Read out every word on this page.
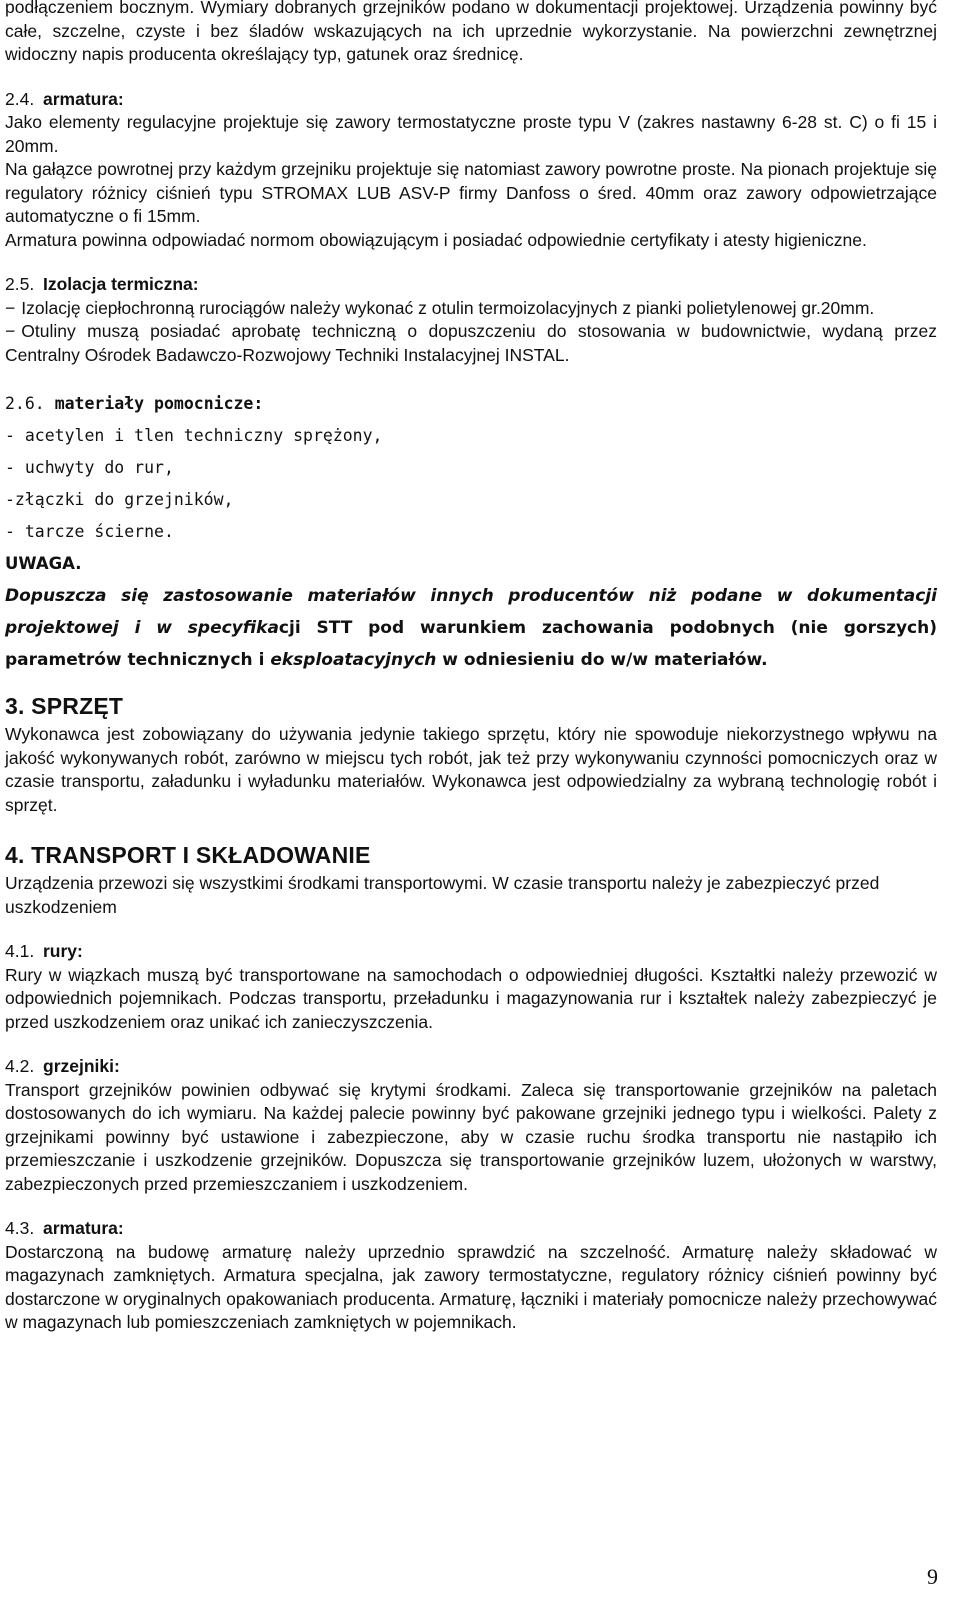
podłączeniem bocznym. Wymiary dobranych grzejników podano w dokumentacji projektowej. Urządzenia powinny być całe, szczelne, czyste i bez śladów wskazujących na ich uprzednie wykorzystanie. Na powierzchni zewnętrznej widoczny napis producenta określający typ, gatunek oraz średnicę.

2.4. armatura:

Jako elementy regulacyjne projektuje się zawory termostatyczne proste typu V (zakres nastawny 6-28 st. C) o fi 15 i 20mm.

Na gałązce powrotnej przy każdym grzejniku projektuje się natomiast zawory powrotne proste. Na pionach projektuje się regulatory różnicy ciśnień typu STROMAX LUB ASV-P firmy Danfoss o śred. 40mm oraz zawory odpowietrzające automatyczne o fi 15mm.

Armatura powinna odpowiadać normom obowiązującym i posiadać odpowiednie certyfikaty i atesty higieniczne.

2.5. Izolacja termiczna:

− Izolację ciepłochronną rurociągów należy wykonać z otulin termoizolacyjnych z pianki polietylenowej gr.20mm.

− Otuliny muszą posiadać aprobatę techniczną o dopuszczeniu do stosowania w budownictwie, wydaną przez Centralny Ośrodek Badawczo-Rozwojowy Techniki Instalacyjnej INSTAL.

2.6. materiały pomocnicze:

- acetylen i tlen techniczny sprężony,

- uchwyty do rur,

-złączki do grzejników,

- tarcze ścierne.

UWAGA.

Dopuszcza się zastosowanie materiałów innych producentów niż podane w dokumentacji projektowej i w specyfikacji STT pod warunkiem zachowania podobnych (nie gorszych) parametrów technicznych i eksploatacyjnych w odniesieniu do w/w materiałów.

3. SPRZĘT

Wykonawca jest zobowiązany do używania jedynie takiego sprzętu, który nie spowoduje niekorzystnego wpływu na jakość wykonywanych robót, zarówno w miejscu tych robót, jak też przy wykonywaniu czynności pomocniczych oraz w czasie transportu, załadunku i wyładunku materiałów. Wykonawca jest odpowiedzialny za wybraną technologię robót i sprzęt.

4. TRANSPORT I SKŁADOWANIE

Urządzenia przewozi się wszystkimi środkami transportowymi. W czasie transportu należy je zabezpieczyć przed uszkodzeniem

4.1. rury:

Rury w wiązkach muszą być transportowane na samochodach o odpowiedniej długości. Kształtki należy przewozić w odpowiednich pojemnikach. Podczas transportu, przeładunku i magazynowania rur i kształtek należy zabezpieczyć je przed uszkodzeniem oraz unikać ich zanieczyszczenia.

4.2. grzejniki:

Transport grzejników powinien odbywać się krytymi środkami. Zaleca się transportowanie grzejników na paletach dostosowanych do ich wymiaru. Na każdej palecie powinny być pakowane grzejniki jednego typu i wielkości. Palety z grzejnikami powinny być ustawione i zabezpieczone, aby w czasie ruchu środka transportu nie nastąpiło ich przemieszczanie i uszkodzenie grzejników. Dopuszcza się transportowanie grzejników luzem, ułożonych w warstwy, zabezpieczonych przed przemieszczaniem i uszkodzeniem.

4.3. armatura:

Dostarczoną na budowę armaturę należy uprzednio sprawdzić na szczelność. Armaturę należy składować w magazynach zamkniętych. Armatura specjalna, jak zawory termostatyczne, regulatory różnicy ciśnień powinny być dostarczone w oryginalnych opakowaniach producenta. Armaturę, łączniki i materiały pomocnicze należy przechowywać w magazynach lub pomieszczeniach zamkniętych w pojemnikach.

9
